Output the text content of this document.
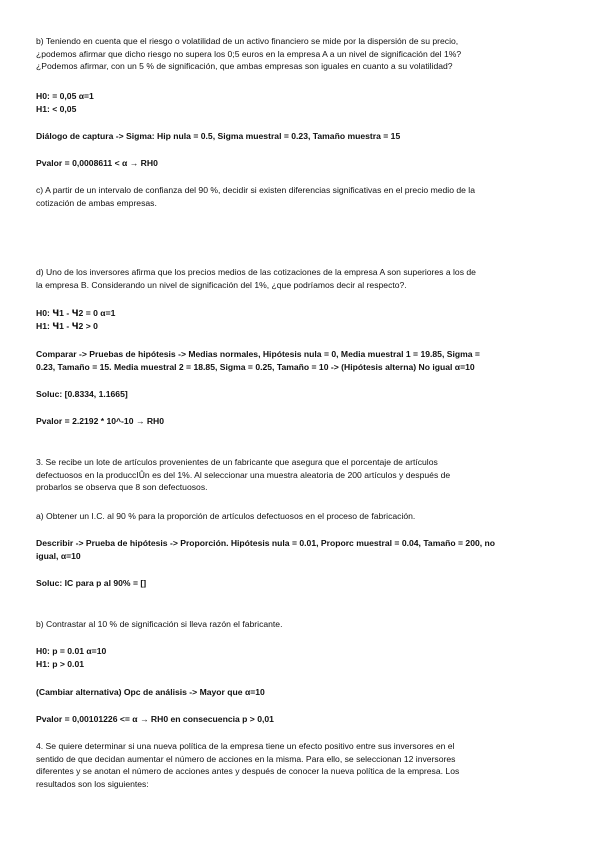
b) Teniendo en cuenta que el riesgo o volatilidad de un activo financiero se mide por la dispersión de su precio,
¿podemos afirmar que dicho riesgo no supera los 0;5 euros en la empresa A a un nivel de significación del 1%?
¿Podemos afirmar, con un 5 % de significación, que ambas empresas son iguales en cuanto a su volatilidad?

H0: = 0,05 α=1
H1: < 0,05

Diálogo de captura -> Sigma: Hip nula = 0.5, Sigma muestral = 0.23, Tamaño muestra = 15

Pvalor = 0,0008611 < α → RH0

c) A partir de un intervalo de confianza del 90 %, decidir si existen diferencias significativas en el precio medio de la
cotización de ambas empresas.

d) Uno de los inversores afirma que los precios medios de las cotizaciones de la empresa A son superiores a los de
la empresa B. Considerando un nivel de significación del 1%, ¿que podríamos decir al respecto?.

H0: Ɥ1 - Ɥ2 = 0 α=1
H1: Ɥ1 - Ɥ2 > 0

Comparar -> Pruebas de hipótesis -> Medias normales, Hipótesis nula = 0, Media muestral 1 = 19.85, Sigma =
0.23, Tamaño = 15. Media muestral 2 = 18.85, Sigma = 0.25, Tamaño = 10 -> (Hipótesis alterna) No igual α=10

Soluc: [0.8334, 1.1665]

Pvalor = 2.2192 * 10^-10 → RH0

3. Se recibe un lote de artículos provenientes de un fabricante que asegura que el porcentaje de artículos
defectuosos en la produccIÛn es del 1%. Al seleccionar una muestra aleatoria de 200 artículos y después de
probarlos se observa que 8 son defectuosos.

a) Obtener un I.C. al 90 % para la proporción de artículos defectuosos en el proceso de fabricación.

Describir -> Prueba de hipótesis -> Proporción. Hipótesis nula = 0.01, Proporc muestral = 0.04, Tamaño = 200, no
igual, α=10

Soluc: IC para p al 90% = []

b) Contrastar al 10 % de significación si lleva razón el fabricante.

H0: p = 0.01 α=10
H1: p > 0.01

(Cambiar alternativa) Opc de análisis -> Mayor que α=10

Pvalor = 0,00101226 <= α → RH0 en consecuencia p > 0,01

4. Se quiere determinar si una nueva política de la empresa tiene un efecto positivo entre sus inversores en el
sentido de que decidan aumentar el número de acciones en la misma. Para ello, se seleccionan 12 inversores
diferentes y se anotan el número de acciones antes y después de conocer la nueva política de la empresa. Los
resultados son los siguientes:
